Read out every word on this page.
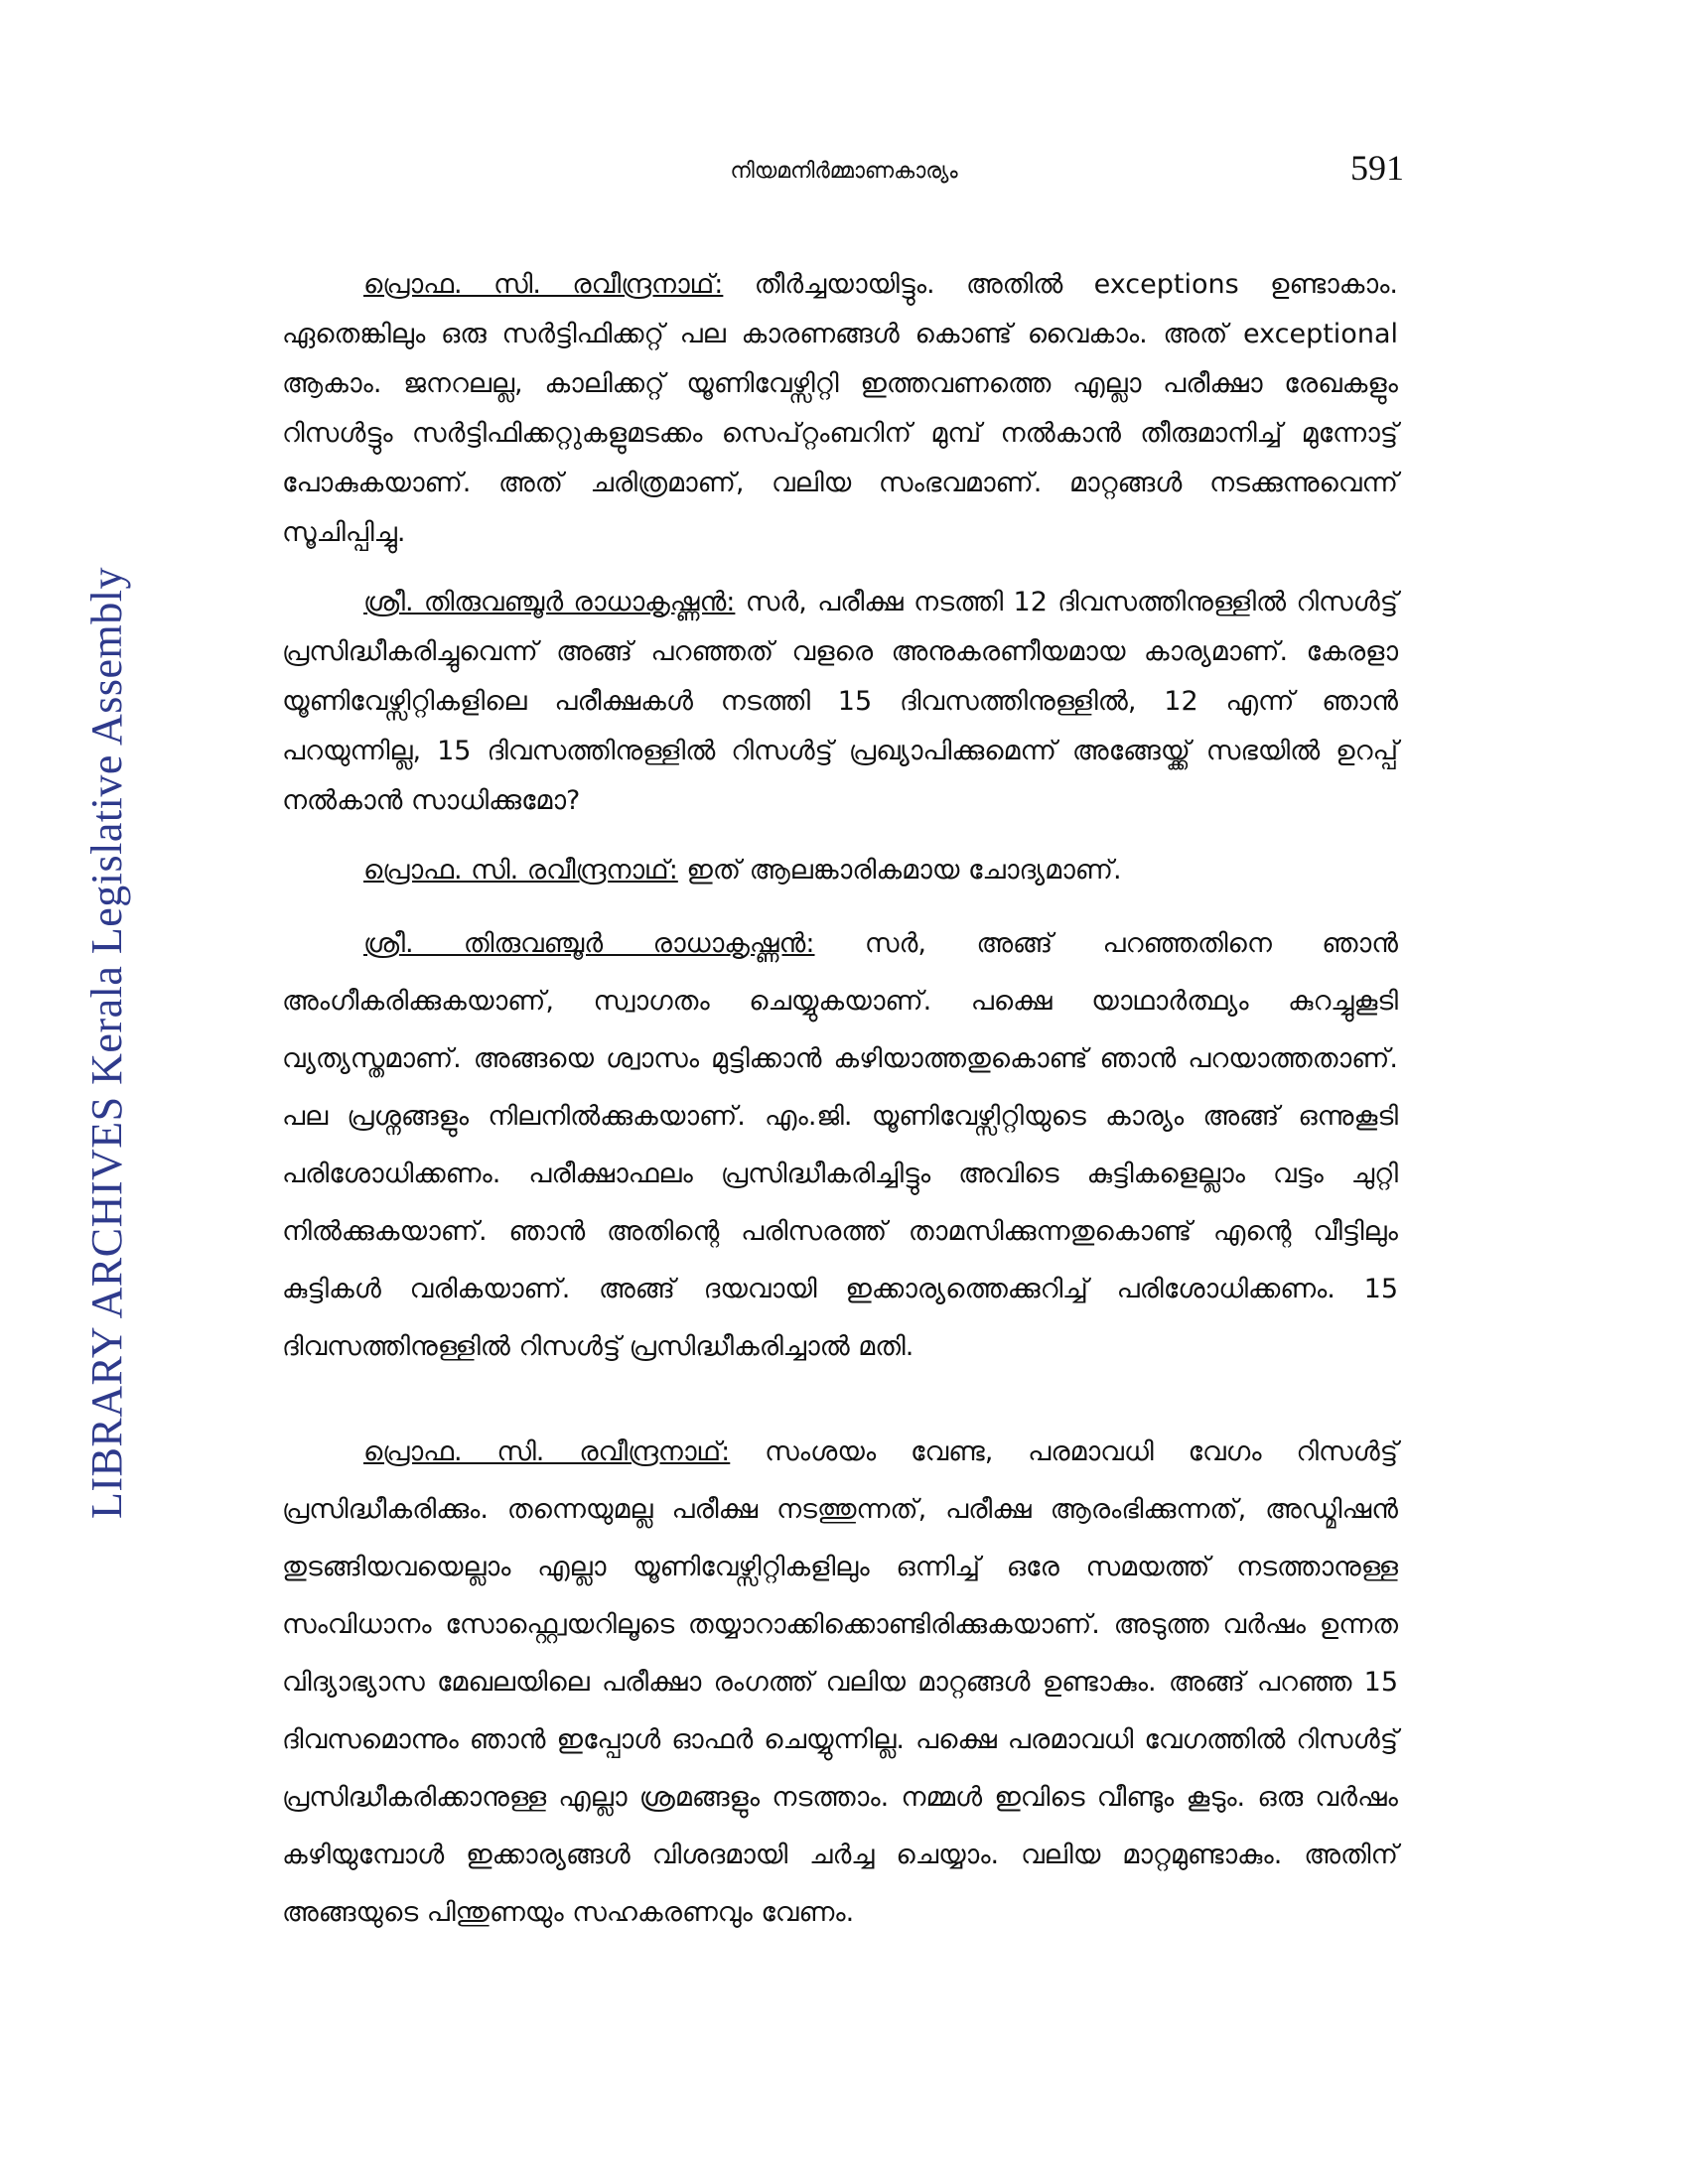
LIBRARY ARCHIVES Kerala Legislative Assembly
നിയമനിർമ്മാണകാര്യം	591

പ്രൊഫ. സി. രവീന്ദ്രനാഥ്: തീർച്ചയായിട്ടും. അതിൽ exceptions ഉണ്ടാകാം. ഏതെങ്കിലും ഒരു സർട്ടിഫിക്കറ്റ് പല കാരണങ്ങൾ കൊണ്ട് വൈകാം. അത് exceptional ആകാം. ജനറലല്ല, കാലിക്കറ്റ് യൂണിവേഴ്സിറ്റി ഇത്തവണത്തെ എല്ലാ പരീക്ഷാ രേഖകളും റിസൾട്ടും സർട്ടിഫിക്കറ്റുകളുമടക്കം സെപ്റ്റംബറിന് മുമ്പ് നൽകാൻ തീരുമാനിച്ച് മുന്നോട്ട് പോകുകയാണ്. അത് ചരിത്രമാണ്, വലിയ സംഭവമാണ്. മാറ്റങ്ങൾ നടക്കുന്നുവെന്ന് സൂചിപ്പിച്ചു.

ശ്രീ. തിരുവഞ്ചൂർ രാധാകൃഷ്ണൻ: സർ, പരീക്ഷ നടത്തി 12 ദിവസത്തിനുള്ളിൽ റിസൾട്ട് പ്രസിദ്ധീകരിച്ചുവെന്ന് അങ്ങ് പറഞ്ഞത് വളരെ അനുകരണീയമായ കാര്യമാണ്. കേരളാ യൂണിവേഴ്സിറ്റികളിലെ പരീക്ഷകൾ നടത്തി 15 ദിവസത്തിനുള്ളിൽ, 12 എന്ന് ഞാൻ പറയുന്നില്ല, 15 ദിവസത്തിനുള്ളിൽ റിസൾട്ട് പ്രഖ്യാപിക്കുമെന്ന് അങ്ങേയ്ക്ക് സഭയിൽ ഉറപ്പ് നൽകാൻ സാധിക്കുമോ?

പ്രൊഫ. സി. രവീന്ദ്രനാഥ്: ഇത് ആലങ്കാരികമായ ചോദ്യമാണ്.

ശ്രീ. തിരുവഞ്ചൂർ രാധാകൃഷ്ണൻ: സർ, അങ്ങ് പറഞ്ഞതിനെ ഞാൻ അംഗീകരിക്കുകയാണ്, സ്വാഗതം ചെയ്യുകയാണ്. പക്ഷെ യാഥാർത്ഥ്യം കുറച്ചുകൂടി വ്യത്യസ്തമാണ്. അങ്ങയെ ശ്വാസം മുട്ടിക്കാൻ കഴിയാത്തതുകൊണ്ട് ഞാൻ പറയാത്തതാണ്. പല പ്രശ്നങ്ങളും നിലനിൽക്കുകയാണ്. എം.ജി. യൂണിവേഴ്സിറ്റിയുടെ കാര്യം അങ്ങ് ഒന്നുകൂടി പരിശോധിക്കണം. പരീക്ഷാഫലം പ്രസിദ്ധീകരിച്ചിട്ടും അവിടെ കുട്ടികളെല്ലാം വട്ടം ചുറ്റി നിൽക്കുകയാണ്. ഞാൻ അതിന്റെ പരിസരത്ത് താമസിക്കുന്നതുകൊണ്ട് എന്റെ വീട്ടിലും കുട്ടികൾ വരികയാണ്. അങ്ങ് ദയവായി ഇക്കാര്യത്തെക്കുറിച്ച് പരിശോധിക്കണം. 15 ദിവസത്തിനുള്ളിൽ റിസൾട്ട് പ്രസിദ്ധീകരിച്ചാൽ മതി.

പ്രൊഫ. സി. രവീന്ദ്രനാഥ്: സംശയം വേണ്ട, പരമാവധി വേഗം റിസൾട്ട് പ്രസിദ്ധീകരിക്കും. തന്നെയുമല്ല പരീക്ഷ നടത്തുന്നത്, പരീക്ഷ ആരംഭിക്കുന്നത്, അഡ്മിഷൻ തുടങ്ങിയവയെല്ലാം എല്ലാ യൂണിവേഴ്സിറ്റികളിലും ഒന്നിച്ച് ഒരേ സമയത്ത് നടത്താനുള്ള സംവിധാനം സോഫ്റ്റ്വെയറിലൂടെ തയ്യാറാക്കിക്കൊണ്ടിരിക്കുകയാണ്. അടുത്ത വർഷം ഉന്നത വിദ്യാഭ്യാസ മേഖലയിലെ പരീക്ഷാ രംഗത്ത് വലിയ മാറ്റങ്ങൾ ഉണ്ടാകും. അങ്ങ് പറഞ്ഞ 15 ദിവസമൊന്നും ഞാൻ ഇപ്പോൾ ഓഫർ ചെയ്യുന്നില്ല. പക്ഷെ പരമാവധി വേഗത്തിൽ റിസൾട്ട് പ്രസിദ്ധീകരിക്കാനുള്ള എല്ലാ ശ്രമങ്ങളും നടത്താം. നമ്മൾ ഇവിടെ വീണ്ടും കൂടും. ഒരു വർഷം കഴിയുമ്പോൾ ഇക്കാര്യങ്ങൾ വിശദമായി ചർച്ച ചെയ്യാം. വലിയ മാറ്റമുണ്ടാകും. അതിന് അങ്ങയുടെ പിന്തുണയും സഹകരണവും വേണം.
